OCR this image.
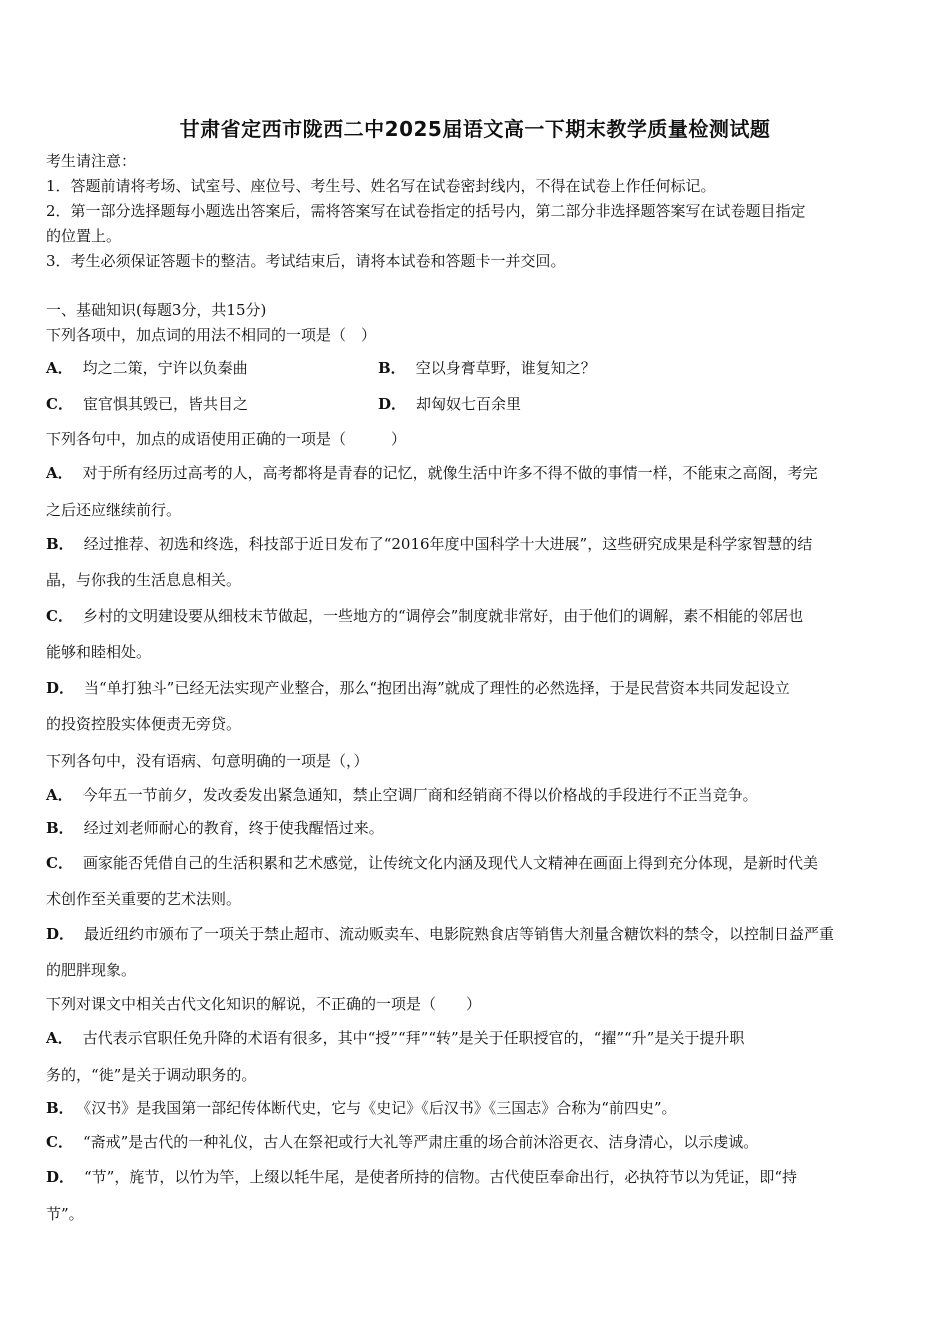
甘肃省定西市陇西二中2025届语文高一下期末教学质量检测试题
考生请注意：
1．答题前请将考场、试室号、座位号、考生号、姓名写在试卷密封线内，不得在试卷上作任何标记。
2．第一部分选择题每小题选出答案后，需将答案写在试卷指定的括号内，第二部分非选择题答案写在试卷题目指定
的位置上。
3．考生必须保证答题卡的整洁。考试结束后，请将本试卷和答题卡一并交回。
一、基础知识(每题3分，共15分)
下列各项中，加点词的用法不相同的一项是（　）
A． 均之二策，宁许以负秦曲	B． 空以身膏草野，谁复知之？
C． 宦官惧其毁已，皆共目之	D． 却匈奴七百余里
下列各句中，加点的成语使用正确的一项是（　　　）
A． 对于所有经历过高考的人，高考都将是青春的记忆，就像生活中许多不得不做的事情一样，不能束之高阁，考完
之后还应继续前行。
B． 经过推荐、初选和终选，科技部于近日发布了“2016年度中国科学十大进展”，这些研究成果是科学家智慧的结
晶，与你我的生活息息相关。
C． 乡村的文明建设要从细枝末节做起，一些地方的“调停会”制度就非常好，由于他们的调解，素不相能的邻居也
能够和睦相处。
D． 当“单打独斗”已经无法实现产业整合，那么“抱团出海”就成了理性的必然选择，于是民营资本共同发起设立
的投资控股实体便责无旁贷。
下列各句中，没有语病、句意明确的一项是（，）
A． 今年五一节前夕，发改委发出紧急通知，禁止空调厂商和经销商不得以价格战的手段进行不正当竞争。
B． 经过刘老师耐心的教育，终于使我醒悟过来。
C． 画家能否凭借自己的生活积累和艺术感觉，让传统文化内涵及现代人文精神在画面上得到充分体现，是新时代美
术创作至关重要的艺术法则。
D． 最近纽约市颁布了一项关于禁止超市、流动贩卖车、电影院熟食店等销售大剂量含糖饮料的禁令，以控制日益严重
的肥胖现象。
下列对课文中相关古代文化知识的解说，不正确的一项是（　　）
A． 古代表示官职任免升降的术语有很多，其中“授”“拜”“转”是关于任职授官的，“擢”“升”是关于提升职
务的，“徙”是关于调动职务的。
B． 《汉书》是我国第一部纪传体断代史，它与《史记》《后汉书》《三国志》合称为“前四史”。
C． “斋戒”是古代的一种礼仪，古人在祭祀或行大礼等严肃庄重的场合前沐浴更衣、洁身清心，以示虔诚。
D． “节”，旄节，以竹为竿，上缀以牦牛尾，是使者所持的信物。古代使臣奉命出行，必执符节以为凭证，即“持
节”。
